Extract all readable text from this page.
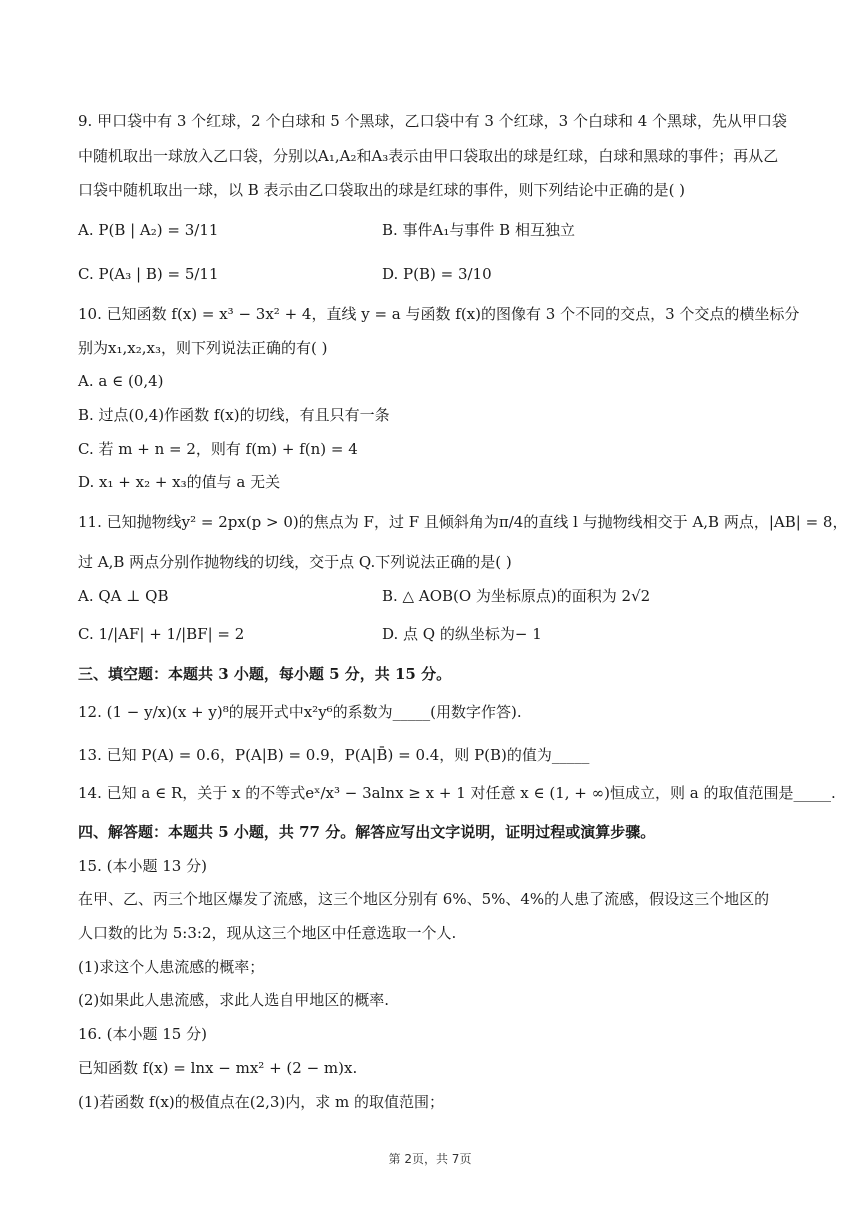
9. 甲口袋中有 3 个红球，2 个白球和 5 个黑球，乙口袋中有 3 个红球，3 个白球和 4 个黑球，先从甲口袋
中随机取出一球放入乙口袋，分别以A₁,A₂和A₃表示由甲口袋取出的球是红球，白球和黑球的事件；再从乙
口袋中随机取出一球，以 B 表示由乙口袋取出的球是红球的事件，则下列结论中正确的是( )
A. P(B | A₂) = 3/11	B. 事件A₁与事件 B 相互独立
C. P(A₃ | B) = 5/11	D. P(B) = 3/10
10. 已知函数 f(x) = x³ − 3x² + 4，直线 y = a 与函数 f(x)的图像有 3 个不同的交点，3 个交点的横坐标分
别为x₁,x₂,x₃，则下列说法正确的有( )
A. a ∈ (0,4)
B. 过点(0,4)作函数 f(x)的切线，有且只有一条
C. 若 m + n = 2，则有 f(m) + f(n) = 4
D. x₁ + x₂ + x₃的值与 a 无关
11. 已知抛物线y² = 2px(p > 0)的焦点为 F，过 F 且倾斜角为π/4的直线 l 与抛物线相交于 A,B 两点，|AB| = 8，
过 A,B 两点分别作抛物线的切线，交于点 Q.下列说法正确的是( )
A. QA ⊥ QB	B. △ AOB(O 为坐标原点)的面积为 2√2
C. 1/|AF| + 1/|BF| = 2	D. 点 Q 的纵坐标为− 1
三、填空题：本题共 3 小题，每小题 5 分，共 15 分。
12. (1 − y/x)(x + y)⁸的展开式中x²y⁶的系数为_____(用数字作答).
13. 已知 P(A) = 0.6，P(A|B) = 0.9，P(A|B̄) = 0.4，则 P(B)的值为_____
14. 已知 a ∈ R，关于 x 的不等式eˣ/x³ − 3alnx ≥ x + 1 对任意 x ∈ (1, + ∞)恒成立，则 a 的取值范围是_____.
四、解答题：本题共 5 小题，共 77 分。解答应写出文字说明，证明过程或演算步骤。
15. (本小题 13 分)
在甲、乙、丙三个地区爆发了流感，这三个地区分别有 6%、5%、4%的人患了流感，假设这三个地区的
人口数的比为 5:3:2，现从这三个地区中任意选取一个人.
(1)求这个人患流感的概率；
(2)如果此人患流感，求此人选自甲地区的概率.
16. (本小题 15 分)
已知函数 f(x) = lnx − mx² + (2 − m)x.
(1)若函数 f(x)的极值点在(2,3)内，求 m 的取值范围；
第 2页，共 7页
